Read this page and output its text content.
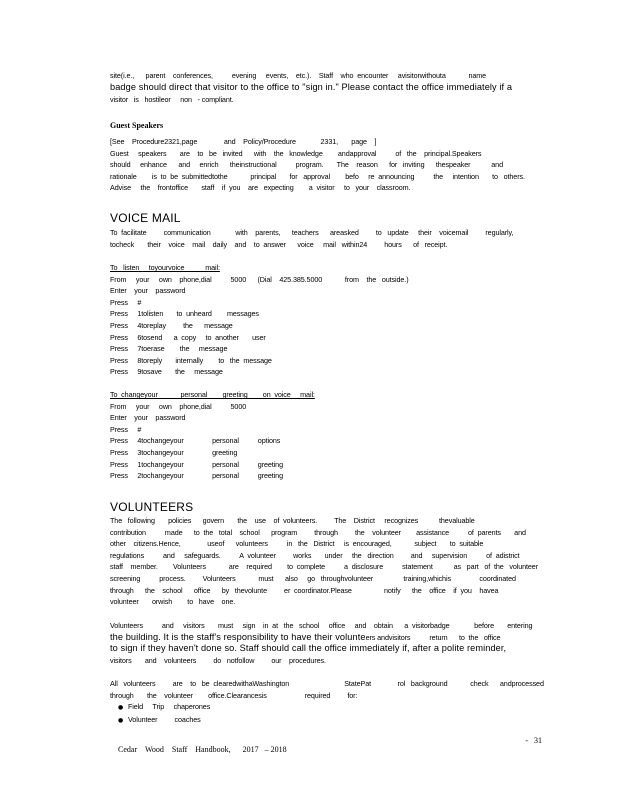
site(i.e.,      parent    conferences,          evening     events,    etc.).    Staff    who  encounter     avisitorwithouta            name
badge should direct that visitor to the office to "sign in." Please contact the office immediately if a
visitor   is   hostileor     non   - compliant.
Guest Speakers
[See    Procedure2321,page              and    Policy/Procedure             2331,       page    ]
Guest     speakers       are    to   be   invited      with    the   knowledge        andapproval          of   the    principal.Speakers
should     enhance      and     enrich      theinstructional          program.       The    reason      for   inviting      thespeaker           and
rationale        is  to  be  submittedtothe            principal       for   approval        befo     re  announcing          the     intention       to   others.
Advise     the    frontoffice       staff    if  you    are   expecting        a  visitor     to   your    classroom.
VOICE MAIL
To  facilitate         communication             with    parents,      teachers      areasked         to   update     their    voicemail         regularly,
tocheck       their    voice    mail    daily    and    to  answer      voice     mail   within24         hours      of   receipt.
To   listen     toyourvoice           mail:
From     your     own    phone,dial          5000      (Dial    425.385.5000            from    the   outside.)
Enter    your    password
Press     #
Press     1tolisten       to  unheard        messages
Press     4toreplay         the      message
Press     6tosend      a  copy     to  another       user
Press     7toerase        the     message
Press     8toreply       internally        to   the  message
Press     9tosave       the     message
To  changeyour            personal        greeting        on  voice     mail:
From     your     own    phone,dial          5000
Enter    your    password
Press     #
Press     4tochangeyour               personal          options
Press     3tochangeyour               greeting
Press     1tochangeyour               personal          greeting
Press     2tochangeyour               personal          greeting
VOLUNTEERS
The   following       policies      govern       the    use    of  volunteers.         The    District     recognizes           thevaluable
contribution          made      to  the   total    school      program         through         the    volunteer        assistance          of  parents       and
other    citizens.Hence,              useof      volunteers          in   the   District     is  encouraged,            subject       to  suitable
regulations          and     safeguards.          A  volunteer         works       under     the   direction         and     supervision          of  adistrict
staff    member.        Volunteers            are    required        to  complete          a  disclosure          statement           as   part   of  the   volunteer
screening          process.         Volunteers            must      also     go   throughvolunteer                training,whichis               coordinated
through      the    school      office      by   thevolunte         er  coordinator.Please                 notify      the    office    if  you    havea
volunteer       orwish        to   have    one.
Volunteers          and     visitors       must     sign    in  at   the   school     office     and    obtain      a  visitorbadge             before       entering
the building. It is the staff's responsibility to have their volunteers andvisitors          return      to  the   office
to sign if they haven't done so. Staff should call the office immediately if, after a polite reminder,
visitors       and    volunteers         do   notfollow         our    procedures.
All   volunteers         are    to   be  clearedwithaWashington                             StatePat              rol   background            check      andprocessed
through       the    volunteer        office.Clearancesis                    required         for:
● Field     Trip     chaperones
● Volunteer         coaches

Cedar    Wood    Staff    Handbook,      2017   – 2018

-   31
